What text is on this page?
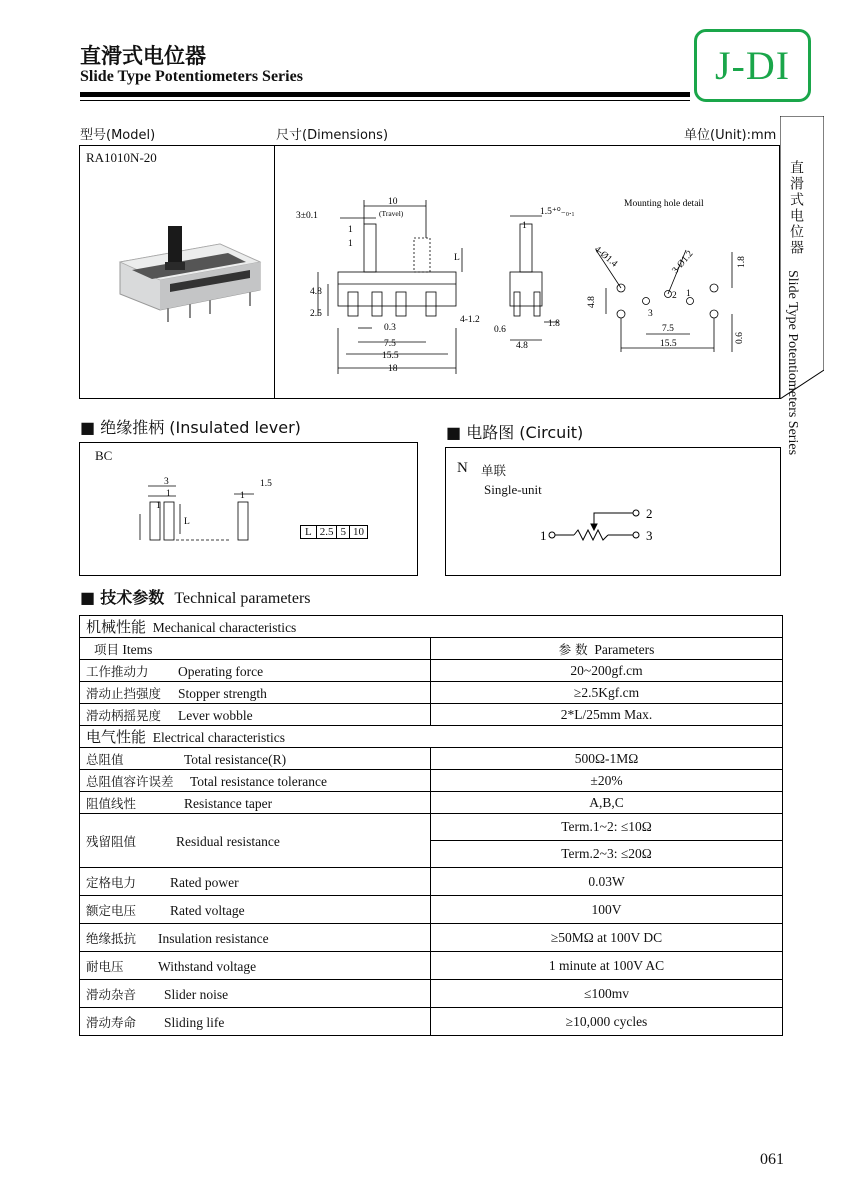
直滑式电位器
Slide Type Potentiometers Series	J-DI
型号(Model)	尺寸(Dimensions)	单位(Unit):mm
RA1010N-20
10
(Travel)
3±0.1
1
1
L
4.8
2.5
0.3
7.5
15.5
18
4-1.2
1.5⁺⁰₋₀.₁
1
0.6
1.8
4.8
Mounting hole detail
4-Ø1.4	3-Ø1.2	1.8
4.8
7.5
15.5	0.6
1
2
3
直滑式电位器
Slide Type Potentiometers Series
■ 绝缘推柄 (Insulated lever)
BC
3
1
1
1.5
1
L
L 2.5 5 10
■ 电路图 (Circuit)
N 单联
Single-unit
1
2
3
■ 技术参数 Technical parameters
机械性能 Mechanical characteristics	
项目 Items	参 数 Parameters
工作推动力 Operating force	20~200gf.cm
滑动止挡强度 Stopper strength	≥2.5Kgf.cm
滑动柄摇晃度 Lever wobble	2*L/25mm Max.
电气性能 Electrical characteristics	
总阻值 Total resistance(R)	500Ω-1MΩ
总阻值容许误差 Total resistance tolerance	±20%
阻值线性 Resistance taper	A,B,C
残留阻值 Residual resistance	Term.1~2: ≤10Ω
	Term.2~3: ≤20Ω
定格电力 Rated power	0.03W
额定电压 Rated voltage	100V
绝缘抵抗 Insulation resistance	≥50MΩ at 100V DC
耐电压 Withstand voltage	1 minute at 100V AC
滑动杂音 Slider noise	≤100mv
滑动寿命 Sliding life	≥10,000 cycles
061
